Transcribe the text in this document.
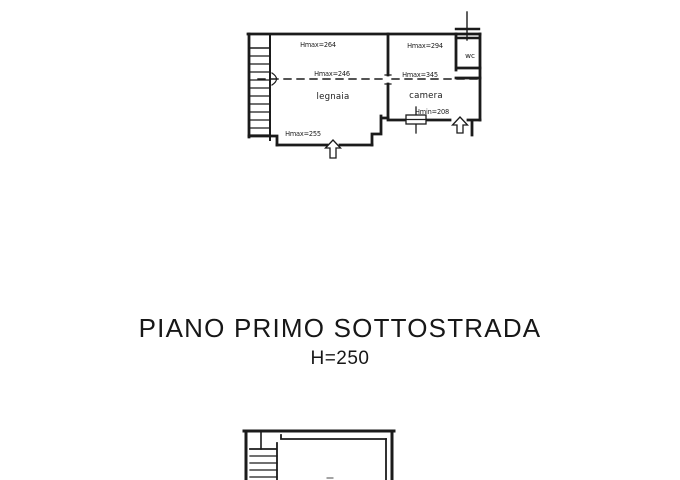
Hmax=264
Hmax=246
legnaia
Hmax=255
Hmax=294
Hmax=345
camera
Hmin=208
wc
PIANO PRIMO SOTTOSTRADA
H=250
